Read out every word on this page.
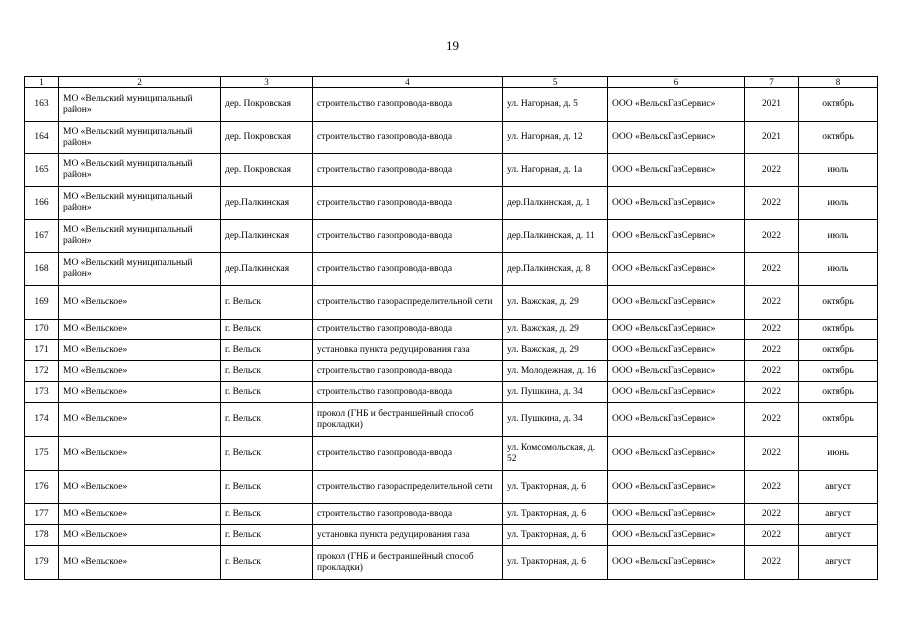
19
1	2	3	4	5	6	7	8
163	МО «Вельский муниципальный район»	дер. Покровская	строительство газопровода-ввода	ул. Нагорная, д. 5	ООО «ВельскГазСервис»	2021	октябрь
164	МО «Вельский муниципальный район»	дер. Покровская	строительство газопровода-ввода	ул. Нагорная, д. 12	ООО «ВельскГазСервис»	2021	октябрь
165	МО «Вельский муниципальный район»	дер. Покровская	строительство газопровода-ввода	ул. Нагорная, д. 1а	ООО «ВельскГазСервис»	2022	июль
166	МО «Вельский муниципальный район»	дер.Палкинская	строительство газопровода-ввода	дер.Палкинская, д. 1	ООО «ВельскГазСервис»	2022	июль
167	МО «Вельский муниципальный район»	дер.Палкинская	строительство газопровода-ввода	дер.Палкинская, д. 11	ООО «ВельскГазСервис»	2022	июль
168	МО «Вельский муниципальный район»	дер.Палкинская	строительство газопровода-ввода	дер.Палкинская, д. 8	ООО «ВельскГазСервис»	2022	июль
169	МО «Вельское»	г. Вельск	строительство газораспределительной сети	ул. Важская, д. 29	ООО «ВельскГазСервис»	2022	октябрь
170	МО «Вельское»	г. Вельск	строительство газопровода-ввода	ул. Важская, д. 29	ООО «ВельскГазСервис»	2022	октябрь
171	МО «Вельское»	г. Вельск	установка пункта редуцирования газа	ул. Важская, д. 29	ООО «ВельскГазСервис»	2022	октябрь
172	МО «Вельское»	г. Вельск	строительство газопровода-ввода	ул. Молодежная, д. 16	ООО «ВельскГазСервис»	2022	октябрь
173	МО «Вельское»	г. Вельск	строительство газопровода-ввода	ул. Пушкина, д. 34	ООО «ВельскГазСервис»	2022	октябрь
174	МО «Вельское»	г. Вельск	прокол (ГНБ и бестраншейный способ прокладки)	ул. Пушкина, д. 34	ООО «ВельскГазСервис»	2022	октябрь
175	МО «Вельское»	г. Вельск	строительство газопровода-ввода	ул. Комсомольская, д. 52	ООО «ВельскГазСервис»	2022	июнь
176	МО «Вельское»	г. Вельск	строительство газораспределительной сети	ул. Тракторная, д. 6	ООО «ВельскГазСервис»	2022	август
177	МО «Вельское»	г. Вельск	строительство газопровода-ввода	ул. Тракторная, д. 6	ООО «ВельскГазСервис»	2022	август
178	МО «Вельское»	г. Вельск	установка пункта редуцирования газа	ул. Тракторная, д. 6	ООО «ВельскГазСервис»	2022	август
179	МО «Вельское»	г. Вельск	прокол (ГНБ и бестраншейный способ прокладки)	ул. Тракторная, д. 6	ООО «ВельскГазСервис»	2022	август
